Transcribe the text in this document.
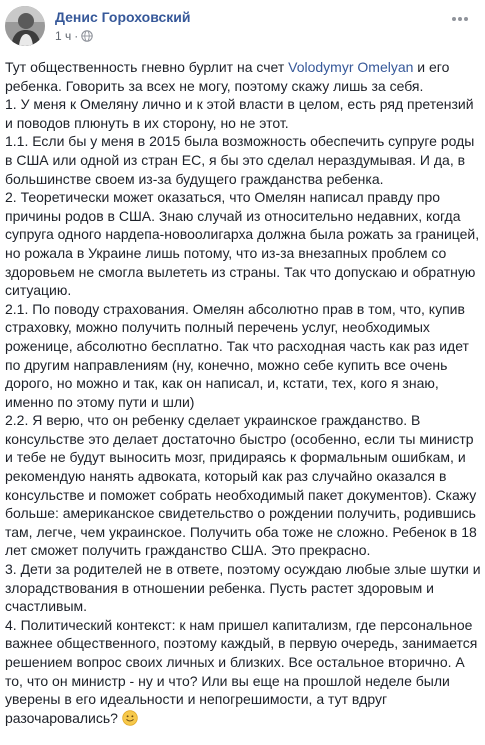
Денис Гороховский
1 ч ·

Тут общественность гневно бурлит на счет Volodymyr Omelyan и его ребенка. Говорить за всех не могу, поэтому скажу лишь за себя.

1. У меня к Омеляну лично и к этой власти в целом, есть ряд претензий и поводов плюнуть в их сторону, но не этот.

1.1. Если бы у меня в 2015 была возможность обеспечить супруге роды в США или одной из стран ЕС, я бы это сделал нераздумывая. И да, в большинстве своем из-за будущего гражданства ребенка.

2. Теоретически может оказаться, что Омелян написал правду про причины родов в США. Знаю случай из относительно недавних, когда супруга одного нардепа-новоолигарха должна была рожать за границей, но рожала в Украине лишь потому, что из-за внезапных проблем со здоровьем не смогла вылететь из страны. Так что допускаю и обратную ситуацию.

2.1. По поводу страхования. Омелян абсолютно прав в том, что, купив страховку, можно получить полный перечень услуг, необходимых роженице, абсолютно бесплатно. Так что расходная часть как раз идет по другим направлениям (ну, конечно, можно себе купить все очень дорого, но можно и так, как он написал, и, кстати, тех, кого я знаю, именно по этому пути и шли)

2.2. Я верю, что он ребенку сделает украинское гражданство. В консульстве это делает достаточно быстро (особенно, если ты министр и тебе не будут выносить мозг, придираясь к формальным ошибкам, и рекомендую нанять адвоката, который как раз случайно оказался в консульстве и поможет собрать необходимый пакет документов). Скажу больше: американское свидетельство о рождении получить, родившись там, легче, чем украинское. Получить оба тоже не сложно. Ребенок в 18 лет сможет получить гражданство США. Это прекрасно.

3. Дети за родителей не в ответе, поэтому осуждаю любые злые шутки и злорадствования в отношении ребенка. Пусть растет здоровым и счастливым.

4. Политический контекст: к нам пришел капитализм, где персональное важнее общественного, поэтому каждый, в первую очередь, занимается решением вопрос своих личных и близких. Все остальное вторично. А то, что он министр - ну и что? Или вы еще на прошлой неделе были уверены в его идеальности и непогрешимости, а тут вдруг разочаровались?
